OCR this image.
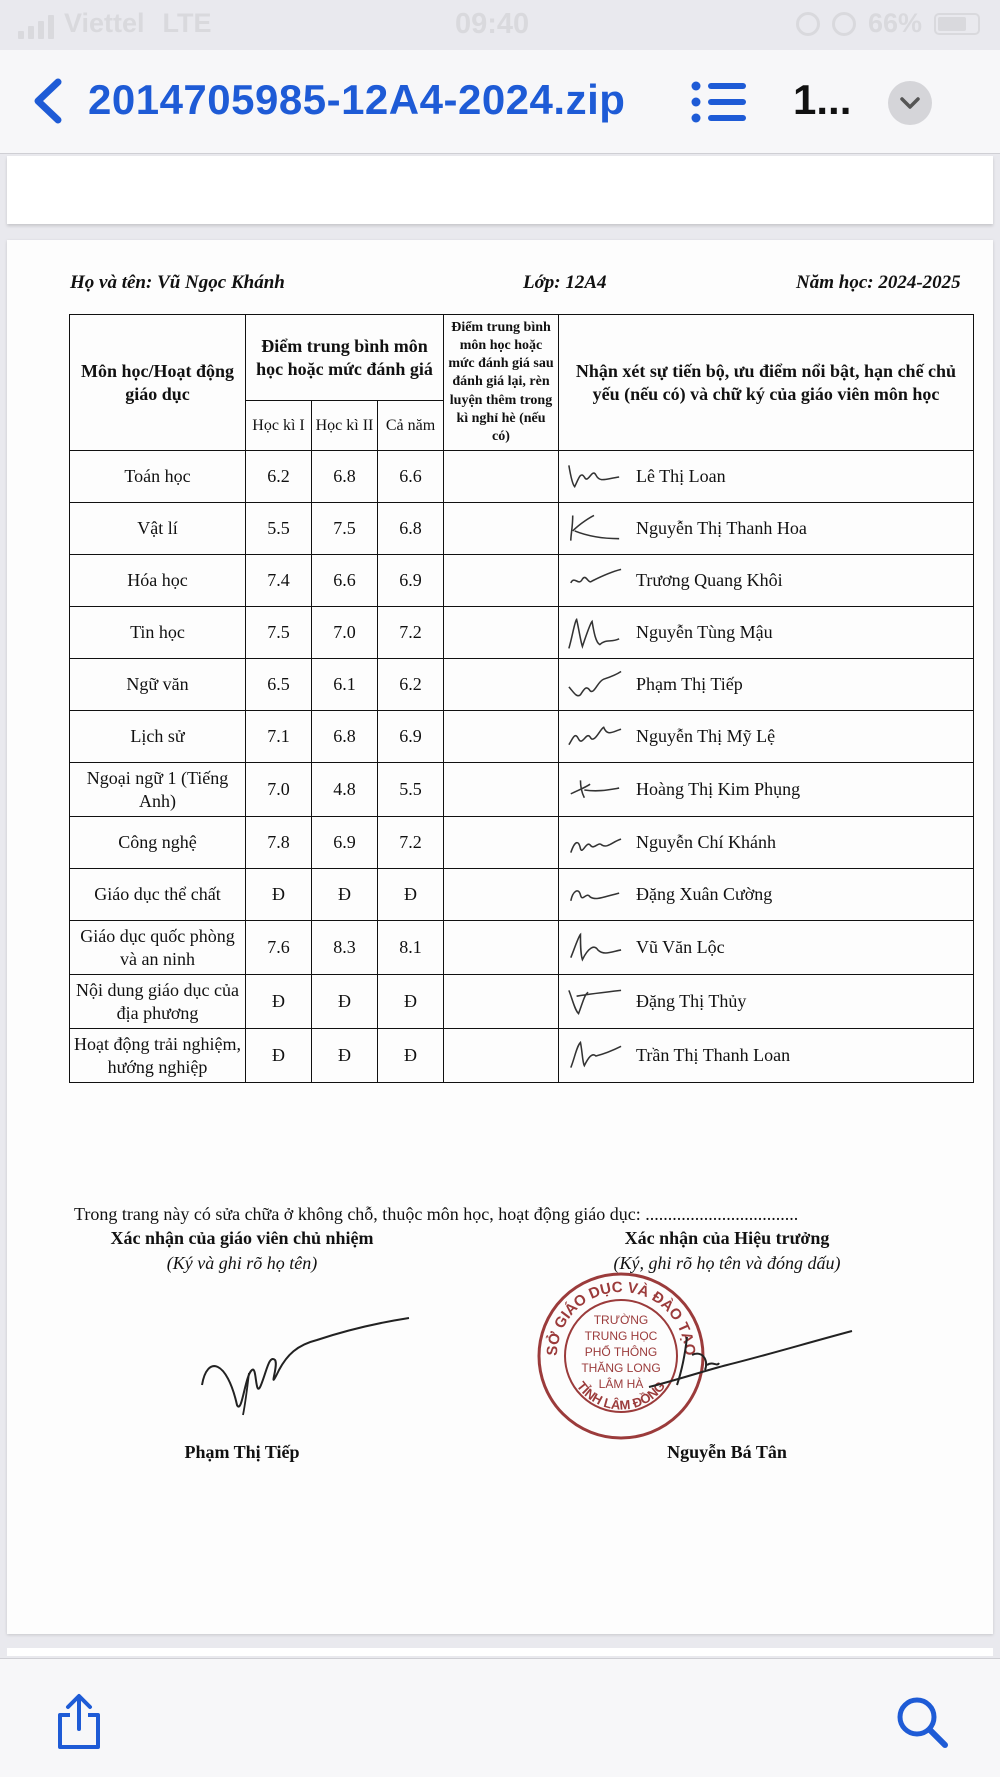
Viettel LTE	09:40	66%
2014705985-12A4-2024.zip	1...
Họ và tên: Vũ Ngọc Khánh	Lớp: 12A4	Năm học: 2024-2025
Môn học/Hoạt động giáo dục	Điểm trung bình môn học hoặc mức đánh giá			Điểm trung bình môn học hoặc mức đánh giá sau đánh giá lại, rèn luyện thêm trong kì nghỉ hè (nếu có)	Nhận xét sự tiến bộ, ưu điểm nổi bật, hạn chế chủ yếu (nếu có) và chữ ký của giáo viên môn học
	Học kì I	Học kì II	Cả năm		
Toán học	6.2	6.8	6.6		Lê Thị Loan
Vật lí	5.5	7.5	6.8		Nguyễn Thị Thanh Hoa
Hóa học	7.4	6.6	6.9		Trương Quang Khôi
Tin học	7.5	7.0	7.2		Nguyễn Tùng Mậu
Ngữ văn	6.5	6.1	6.2		Phạm Thị Tiếp
Lịch sử	7.1	6.8	6.9		Nguyễn Thị Mỹ Lệ
Ngoại ngữ 1 (Tiếng Anh)	7.0	4.8	5.5		Hoàng Thị Kim Phụng
Công nghệ	7.8	6.9	7.2		Nguyễn Chí Khánh
Giáo dục thể chất	Đ	Đ	Đ		Đặng Xuân Cường
Giáo dục quốc phòng và an ninh	7.6	8.3	8.1		Vũ Văn Lộc
Nội dung giáo dục của địa phương	Đ	Đ	Đ		Đặng Thị Thủy
Hoạt động trải nghiệm, hướng nghiệp	Đ	Đ	Đ		Trần Thị Thanh Loan
Trong trang này có sửa chữa ở không chỗ, thuộc môn học, hoạt động giáo dục: ..................................
Xác nhận của giáo viên chủ nhiệm
(Ký và ghi rõ họ tên)
Xác nhận của Hiệu trưởng
(Ký, ghi rõ họ tên và đóng dấu)
SỞ GIÁO DỤC VÀ ĐÀO TẠO
TỈNH LÂM ĐỒNG
TRƯỜNG
TRUNG HỌC
PHỔ THÔNG
THĂNG LONG
LÂM HÀ
Phạm Thị Tiếp	Nguyễn Bá Tân
